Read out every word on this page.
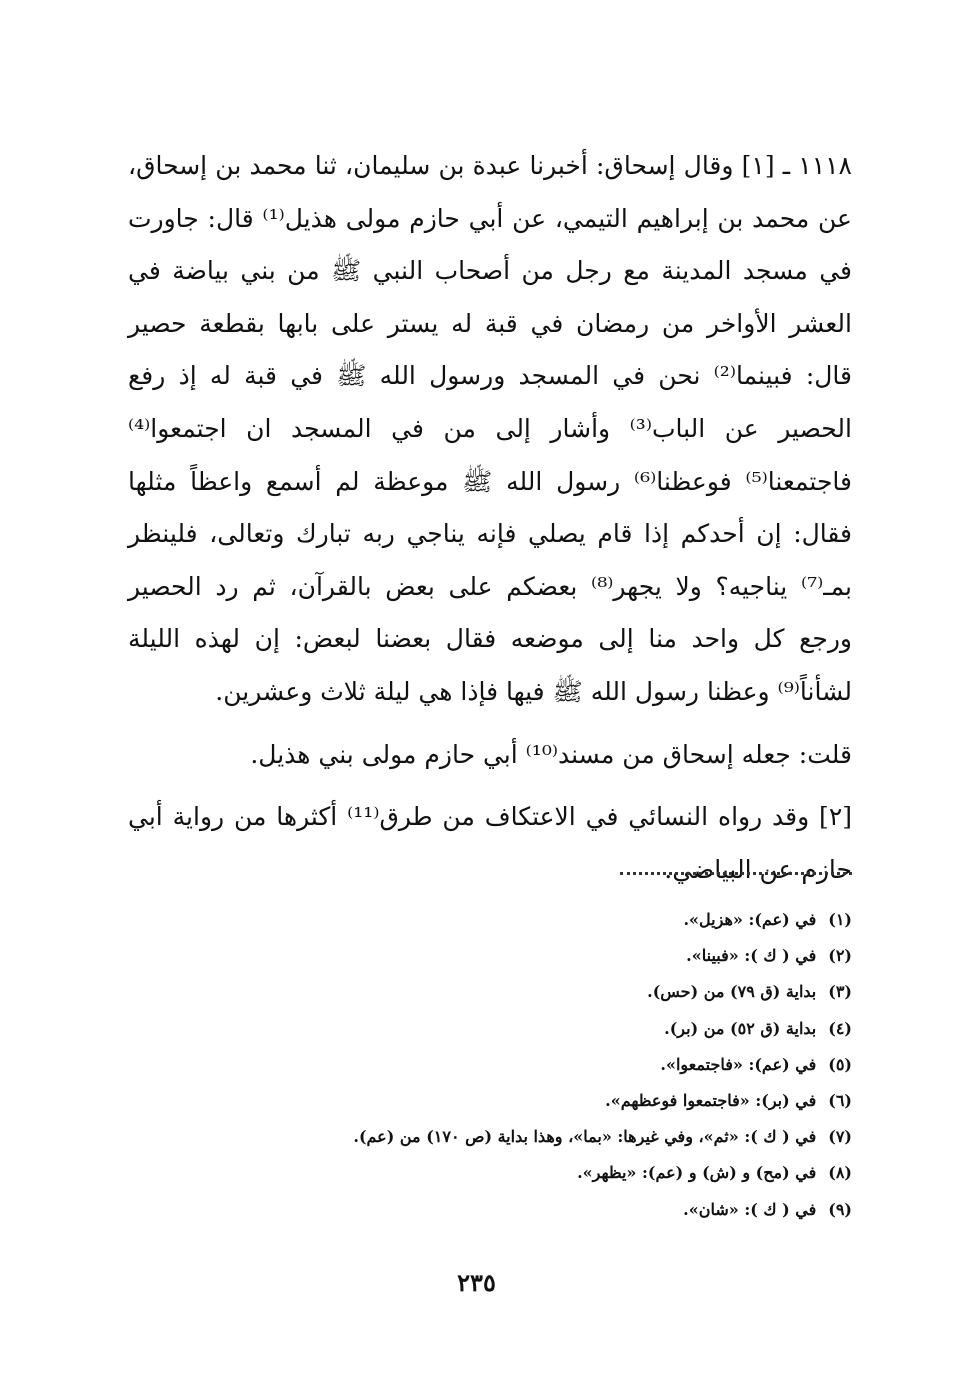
١١١٨ ـ [١] وقال إسحاق: أخبرنا عبدة بن سليمان، ثنا محمد بن إسحاق، عن محمد بن إبراهيم التيمي، عن أبي حازم مولى هذيل⁽¹⁾ قال: جاورت في مسجد المدينة مع رجل من أصحاب النبي ﷺ من بني بياضة في العشر الأواخر من رمضان في قبة له يستر على بابها بقطعة حصير قال: فبينما⁽²⁾ نحن في المسجد ورسول الله ﷺ في قبة له إذ رفع الحصير عن الباب⁽³⁾ وأشار إلى من في المسجد ان اجتمعوا⁽⁴⁾ فاجتمعنا⁽⁵⁾ فوعظنا⁽⁶⁾ رسول الله ﷺ موعظة لم أسمع واعظاً مثلها فقال: إن أحدكم إذا قام يصلي فإنه يناجي ربه تبارك وتعالى، فلينظر بمـ⁽⁷⁾ يناجيه؟ ولا يجهر⁽⁸⁾ بعضكم على بعض بالقرآن، ثم رد الحصير ورجع كل واحد منا إلى موضعه فقال بعضنا لبعض: إن لهذه الليلة لشأناً⁽⁹⁾ وعظنا رسول الله ﷺ فيها فإذا هي ليلة ثلاث وعشرين.

قلت: جعله إسحاق من مسند⁽¹⁰⁾ أبي حازم مولى بني هذيل.

[٢] وقد رواه النسائي في الاعتكاف من طرق⁽¹¹⁾ أكثرها من رواية أبي حازم عن البياضي.

(١)في (عم): «هزيل».
(٢)في ( ك ): «فبينا».
(٣)بداية (ق ٧٩) من (حس).
(٤)بداية (ق ٥٢) من (بر).
(٥)في (عم): «فاجتمعوا».
(٦)في (بر): «فاجتمعوا فوعظهم».
(٧)في ( ك ): «ثم»، وفي غيرها: «بما»، وهذا بداية (ص ١٧٠) من (عم).
(٨)في (مح) و (ش) و (عم): «يظهر».
(٩)في ( ك ): «شان».
٢٣٥
